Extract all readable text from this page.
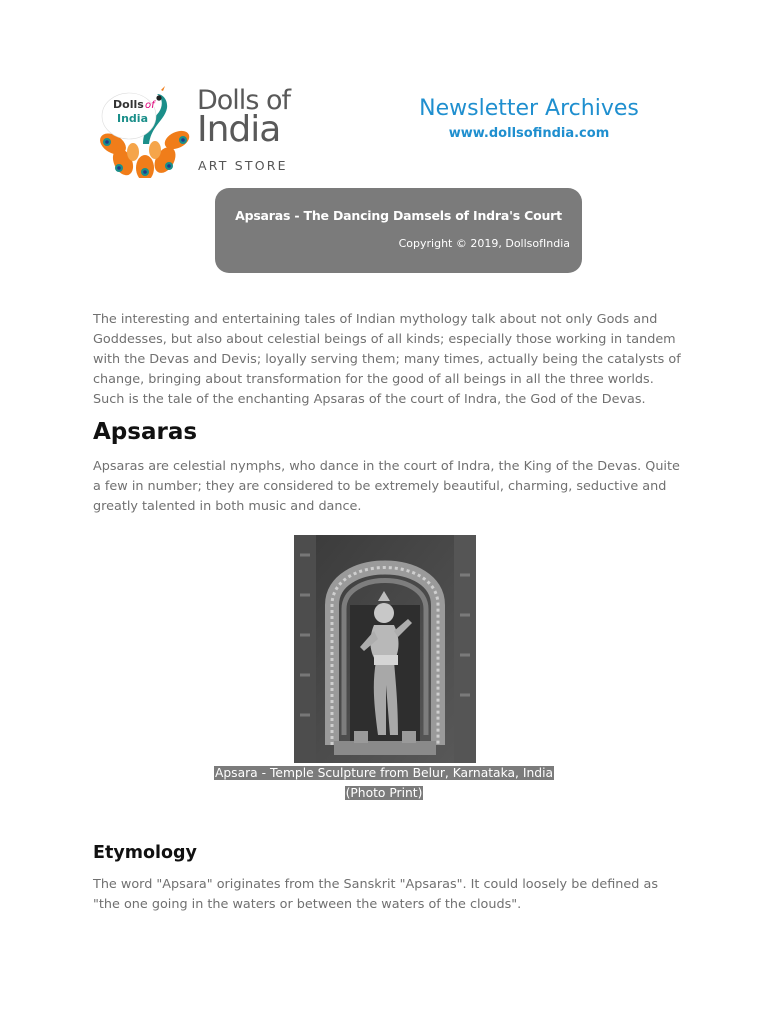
Dolls of
India
Dolls of
India
ART STORE
Newsletter Archives
www.dollsofindia.com
Apsaras - The Dancing Damsels of Indra's Court
Copyright © 2019, DollsofIndia

The interesting and entertaining tales of Indian mythology talk about not only Gods and Goddesses, but also about celestial beings of all kinds; especially those working in tandem with the Devas and Devis; loyally serving them; many times, actually being the catalysts of change, bringing about transformation for the good of all beings in all the three worlds. Such is the tale of the enchanting Apsaras of the court of Indra, the God of the Devas.

Apsaras

Apsaras are celestial nymphs, who dance in the court of Indra, the King of the Devas. Quite a few in number; they are considered to be extremely beautiful, charming, seductive and greatly talented in both music and dance.

Apsara - Temple Sculpture from Belur, Karnataka, India
(Photo Print)
Etymology

The word "Apsara" originates from the Sanskrit "Apsaras". It could loosely be defined as "the one going in the waters or between the waters of the clouds".
